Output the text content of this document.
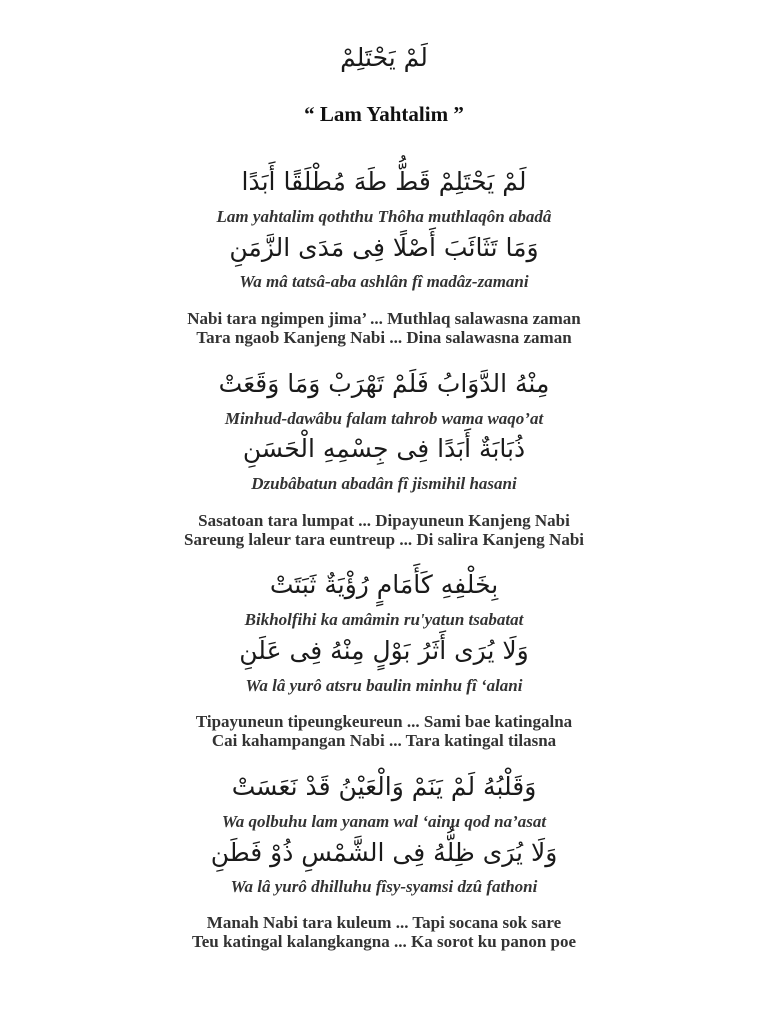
لَمْ يَحْتَلِمْ
“ Lam Yahtalim ”
لَمْ يَحْتَلِمْ قَطُّ طَهَ مُطْلَقًا أَبَدًا
Lam yahtalim qoththu Thôha muthlaqôn abadâ
وَمَا تَثَائَبَ أَصْلًا فِى مَدَى الزَّمَنِ
Wa mâ tatsâ-aba ashlân fî madâz-zamani
Nabi tara ngimpen jima’ ... Muthlaq salawasna zaman
Tara ngaob Kanjeng Nabi ... Dina salawasna zaman
مِنْهُ الدَّوَابُ فَلَمْ تَهْرَبْ وَمَا وَقَعَتْ
Minhud-dawâbu falam tahrob wama waqo’at
ذُبَابَةٌ أَبَدًا فِى جِسْمِهِ الْحَسَنِ
Dzubâbatun abadân fî jismihil hasani
Sasatoan tara lumpat ... Dipayuneun Kanjeng Nabi
Sareung laleur tara euntreup ... Di salira Kanjeng Nabi
بِخَلْفِهِ كَأَمَامٍ رُؤْيَةٌ ثَبَتَتْ
Bikholfihi ka amâmin ru'yatun tsabatat
وَلَا يُرَى أَثَرُ بَوْلٍ مِنْهُ فِى عَلَنِ
Wa lâ yurô atsru baulin minhu fî ‘alani
Tipayuneun tipeungkeureun ... Sami bae katingalna
Cai kahampangan Nabi ... Tara katingal tilasna
وَقَلْبُهُ لَمْ يَنَمْ وَالْعَيْنُ قَدْ نَعَسَتْ
Wa qolbuhu lam yanam wal ‘ainu qod na’asat
وَلَا يُرَى ظِلُّهُ فِى الشَّمْسِ ذُوْ فَطَنِ
Wa lâ yurô dhilluhu fîsy-syamsi dzû fathoni
Manah Nabi tara kuleum ... Tapi socana sok sare
Teu katingal kalangkangna ... Ka sorot ku panon poe
